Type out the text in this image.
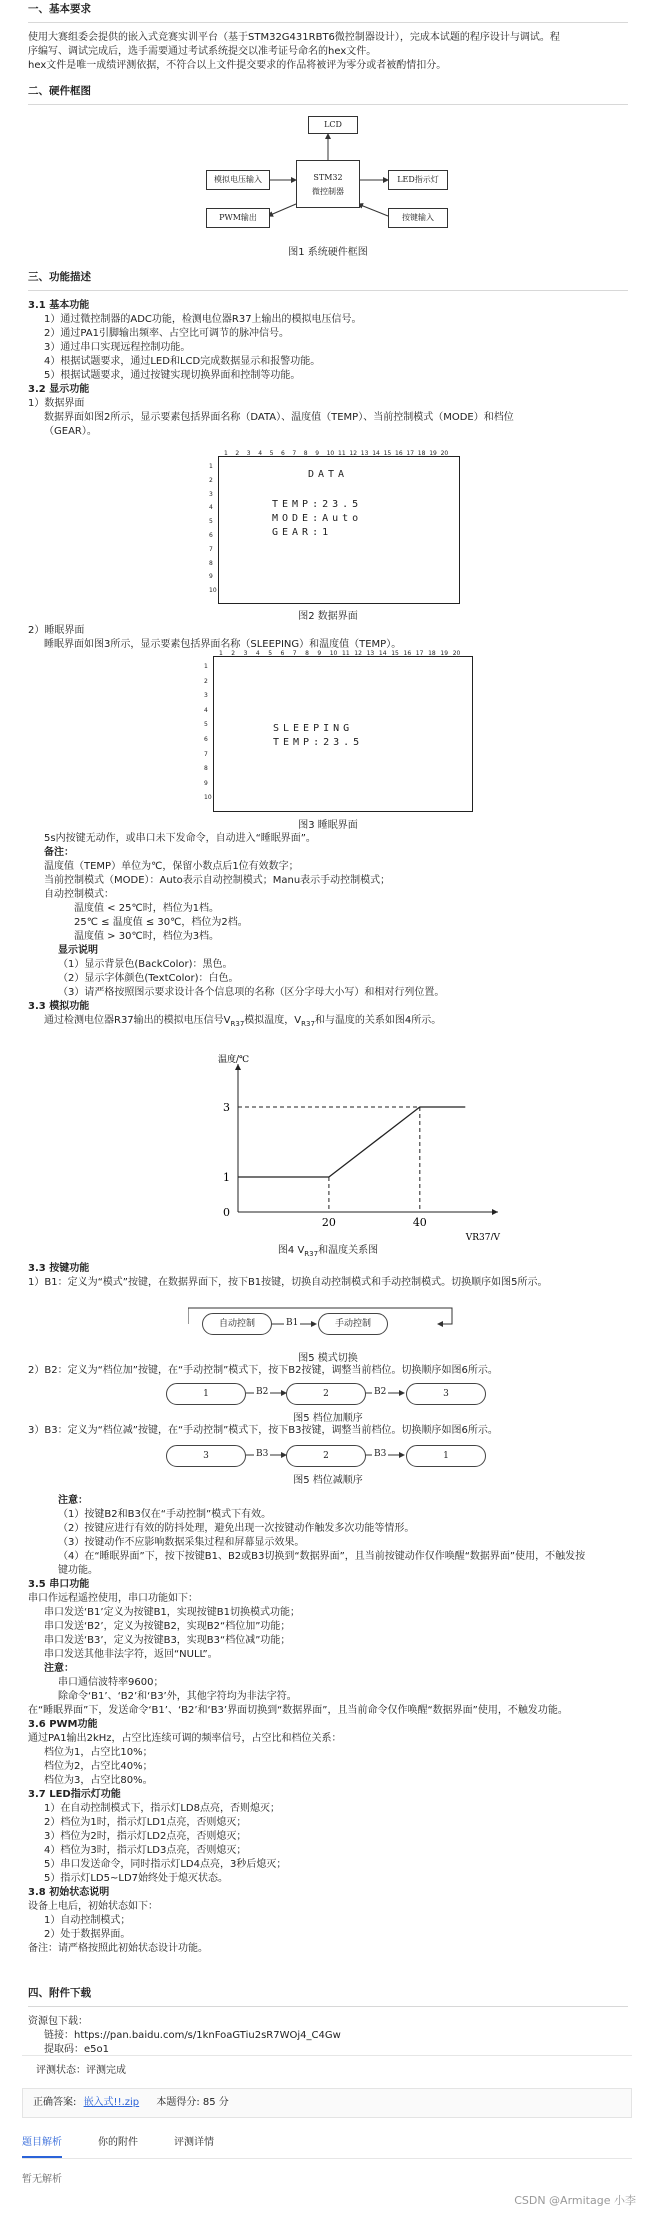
一、基本要求

使用大赛组委会提供的嵌入式竞赛实训平台（基于STM32G431RBT6微控制器设计），完成本试题的程序设计与调试。程

序编写、调试完成后，选手需要通过考试系统提交以准考证号命名的hex文件。

hex文件是唯一成绩评测依据，不符合以上文件提交要求的作品将被评为零分或者被酌情扣分。

二、硬件框图

LCD
STM32
微控制器
模拟电压输入	LED指示灯
PWM输出	按键输入
图1 系统硬件框图

三、功能描述

3.1 基本功能

1）通过微控制器的ADC功能，检测电位器R37上输出的模拟电压信号。

2）通过PA1引脚输出频率、占空比可调节的脉冲信号。

3）通过串口实现远程控制功能。

4）根据试题要求，通过LED和LCD完成数据显示和报警功能。

5）根据试题要求，通过按键实现切换界面和控制等功能。

3.2 显示功能

1）数据界面

数据界面如图2所示，显示要素包括界面名称（DATA）、温度值（TEMP）、当前控制模式（MODE）和档位

（GEAR）。

DATA
TEMP:23.5
MODE:Auto
GEAR:1
1 2 3 4 5 6 7 8 9 10 11 12 13 14 15 16 17 18 19 20
1
2
3
4
5
6
7
8
9
10
图2 数据界面

2）睡眠界面

睡眠界面如图3所示，显示要素包括界面名称（SLEEPING）和温度值（TEMP）。

SLEEPING
TEMP:23.5
1 2 3 4 5 6 7 8 9 10 11 12 13 14 15 16 17 18 19 20
1
2
3
4
5
6
7
8
9
10
图3 睡眠界面

5s内按键无动作，或串口未下发命令，自动进入“睡眠界面”。

备注：

温度值（TEMP）单位为℃，保留小数点后1位有效数字；

当前控制模式（MODE）：Auto表示自动控制模式；Manu表示手动控制模式；

自动控制模式：

温度值 < 25℃时，档位为1档。

25℃ ≤ 温度值 ≤ 30℃，档位为2档。

温度值 > 30℃时，档位为3档。

显示说明

（1）显示背景色(BackColor)：黑色。

（2）显示字体颜色(TextColor)：白色。

（3）请严格按照图示要求设计各个信息项的名称（区分字母大小写）和相对行列位置。

3.3 模拟功能

通过检测电位器R37输出的模拟电压信号$V_{R37}$模拟温度，$V_{R37}$和与温度的关系如图4所示。

20	40
0
1
3
VR37/V
温度/℃
图4 $V_{R37}$和温度关系图

3.3 按键功能

1）B1：定义为“模式”按键，在数据界面下，按下B1按键，切换自动控制模式和手动控制模式。切换顺序如图5所示。

自动控制	手动控制
B1
图5 模式切换

2）B2：定义为“档位加”按键，在“手动控制”模式下，按下B2按键，调整当前档位。切换顺序如图6所示。

1	2	3
B2	B2
图5 档位加顺序

3）B3：定义为“档位减”按键，在“手动控制”模式下，按下B3按键，调整当前档位。切换顺序如图6所示。

3	2	1
B3	B3
图5 档位减顺序

注意：

（1）按键B2和B3仅在“手动控制”模式下有效。

（2）按键应进行有效的防抖处理，避免出现一次按键动作触发多次功能等情形。

（3）按键动作不应影响数据采集过程和屏幕显示效果。

（4）在“睡眠界面”下，按下按键B1、B2或B3切换到“数据界面”，且当前按键动作仅作唤醒“数据界面”使用，不触发按

键功能。

3.5 串口功能

串口作远程遥控使用，串口功能如下：

串口发送‘B1’定义为按键B1，实现按键B1切换模式功能；

串口发送‘B2’，定义为按键B2，实现B2“档位加”功能；

串口发送‘B3’，定义为按键B3，实现B3“档位减”功能；

串口发送其他非法字符，返回“NULL”。

注意：

串口通信波特率9600；

除命令‘B1’、‘B2’和‘B3’外，其他字符均为非法字符。

在“睡眠界面”下，发送命令‘B1’、‘B2’和‘B3’界面切换到“数据界面”，且当前命令仅作唤醒“数据界面”使用，不触发功能。

3.6 PWM功能

通过PA1输出2kHz，占空比连续可调的频率信号，占空比和档位关系：

档位为1，占空比10%；

档位为2，占空比40%；

档位为3，占空比80%。

3.7 LED指示灯功能

1）在自动控制模式下，指示灯LD8点亮，否则熄灭；

2）档位为1时，指示灯LD1点亮，否则熄灭；

3）档位为2时，指示灯LD2点亮，否则熄灭；

4）档位为3时，指示灯LD3点亮，否则熄灭；

5）串口发送命令，同时指示灯LD4点亮，3秒后熄灭；

5）指示灯LD5~LD7始终处于熄灭状态。

3.8 初始状态说明

设备上电后，初始状态如下：

1）自动控制模式；

2）处于数据界面。

备注：请严格按照此初始状态设计功能。

四、附件下载

资源包下载：

链接：https://pan.baidu.com/s/1knFoaGTiu2sR7WOj4_C4Gw

提取码：e5o1

评测状态：评测完成
正确答案: 嵌入式!!.zip 本题得分: 85 分
题目解析	你的附件	评测详情
暂无解析
CSDN @Armitage 小李
